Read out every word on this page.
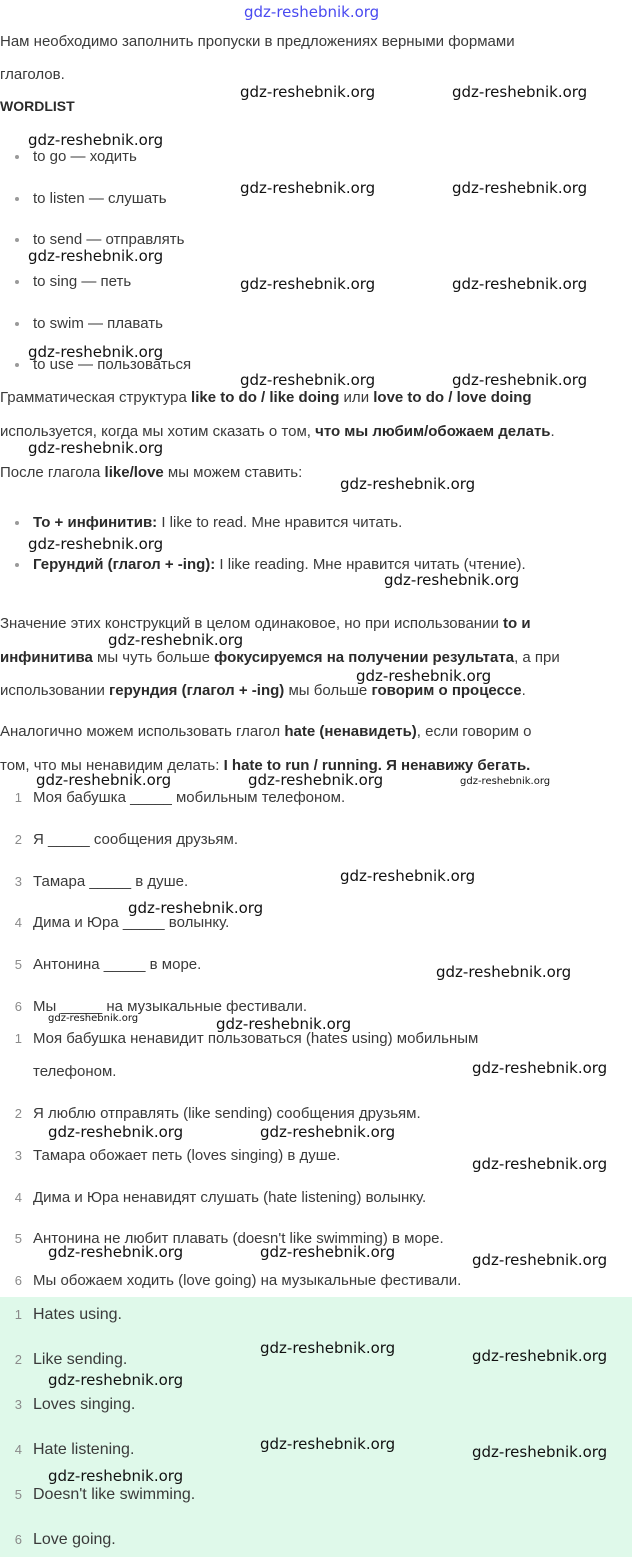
gdz-reshebnik.org
Нам необходимо заполнить пропуски в предложениях верными формами
глаголов.
WORDLIST
to go — ходить
to listen — слушать
to send — отправлять
to sing — петь
to swim — плавать
to use — пользоваться
Грамматическая структура like to do / like doing или love to do / love doing
используется, когда мы хотим сказать о том, что мы любим/обожаем делать.
После глагола like/love мы можем ставить:
То + инфинитив: I like to read. Мне нравится читать.
Герундий (глагол + -ing): I like reading. Мне нравится читать (чтение).
Значение этих конструкций в целом одинаковое, но при использовании to и
инфинитива мы чуть больше фокусируемся на получении результата, а при
использовании герундия (глагол + -ing) мы больше говорим о процессе.
Аналогично можем использовать глагол hate (ненавидеть), если говорим о
том, что мы ненавидим делать: I hate to run / running. Я ненавижу бегать.
1 Моя бабушка _____ мобильным телефоном.
2 Я _____ сообщения друзьям.
3 Тамара _____ в душе.
4 Дима и Юра _____ волынку.
5 Антонина _____ в море.
6 Мы _____ на музыкальные фестивали.
1 Моя бабушка ненавидит пользоваться (hates using) мобильным
телефоном.
2 Я люблю отправлять (like sending) сообщения друзьям.
3 Тамара обожает петь (loves singing) в душе.
4 Дима и Юра ненавидят слушать (hate listening) волынку.
5 Антонина не любит плавать (doesn't like swimming) в море.
6 Мы обожаем ходить (love going) на музыкальные фестивали.
1 Hates using.
2 Like sending.
3 Loves singing.
4 Hate listening.
5 Doesn't like swimming.
6 Love going.
gdz-reshebnik.org	gdz-reshebnik.org
gdz-reshebnik.org
gdz-reshebnik.org	gdz-reshebnik.org
gdz-reshebnik.org
gdz-reshebnik.org	gdz-reshebnik.org
gdz-reshebnik.org
gdz-reshebnik.org	gdz-reshebnik.org
gdz-reshebnik.org
gdz-reshebnik.org
gdz-reshebnik.org
gdz-reshebnik.org
gdz-reshebnik.org
gdz-reshebnik.org
gdz-reshebnik.org	gdz-reshebnik.org	gdz-reshebnik.org
gdz-reshebnik.org
gdz-reshebnik.org
gdz-reshebnik.org
gdz-reshebnik.org	gdz-reshebnik.org
gdz-reshebnik.org
gdz-reshebnik.org	gdz-reshebnik.org
gdz-reshebnik.org
gdz-reshebnik.org	gdz-reshebnik.org	gdz-reshebnik.org
gdz-reshebnik.org	gdz-reshebnik.org
gdz-reshebnik.org
gdz-reshebnik.org	gdz-reshebnik.org
gdz-reshebnik.org
